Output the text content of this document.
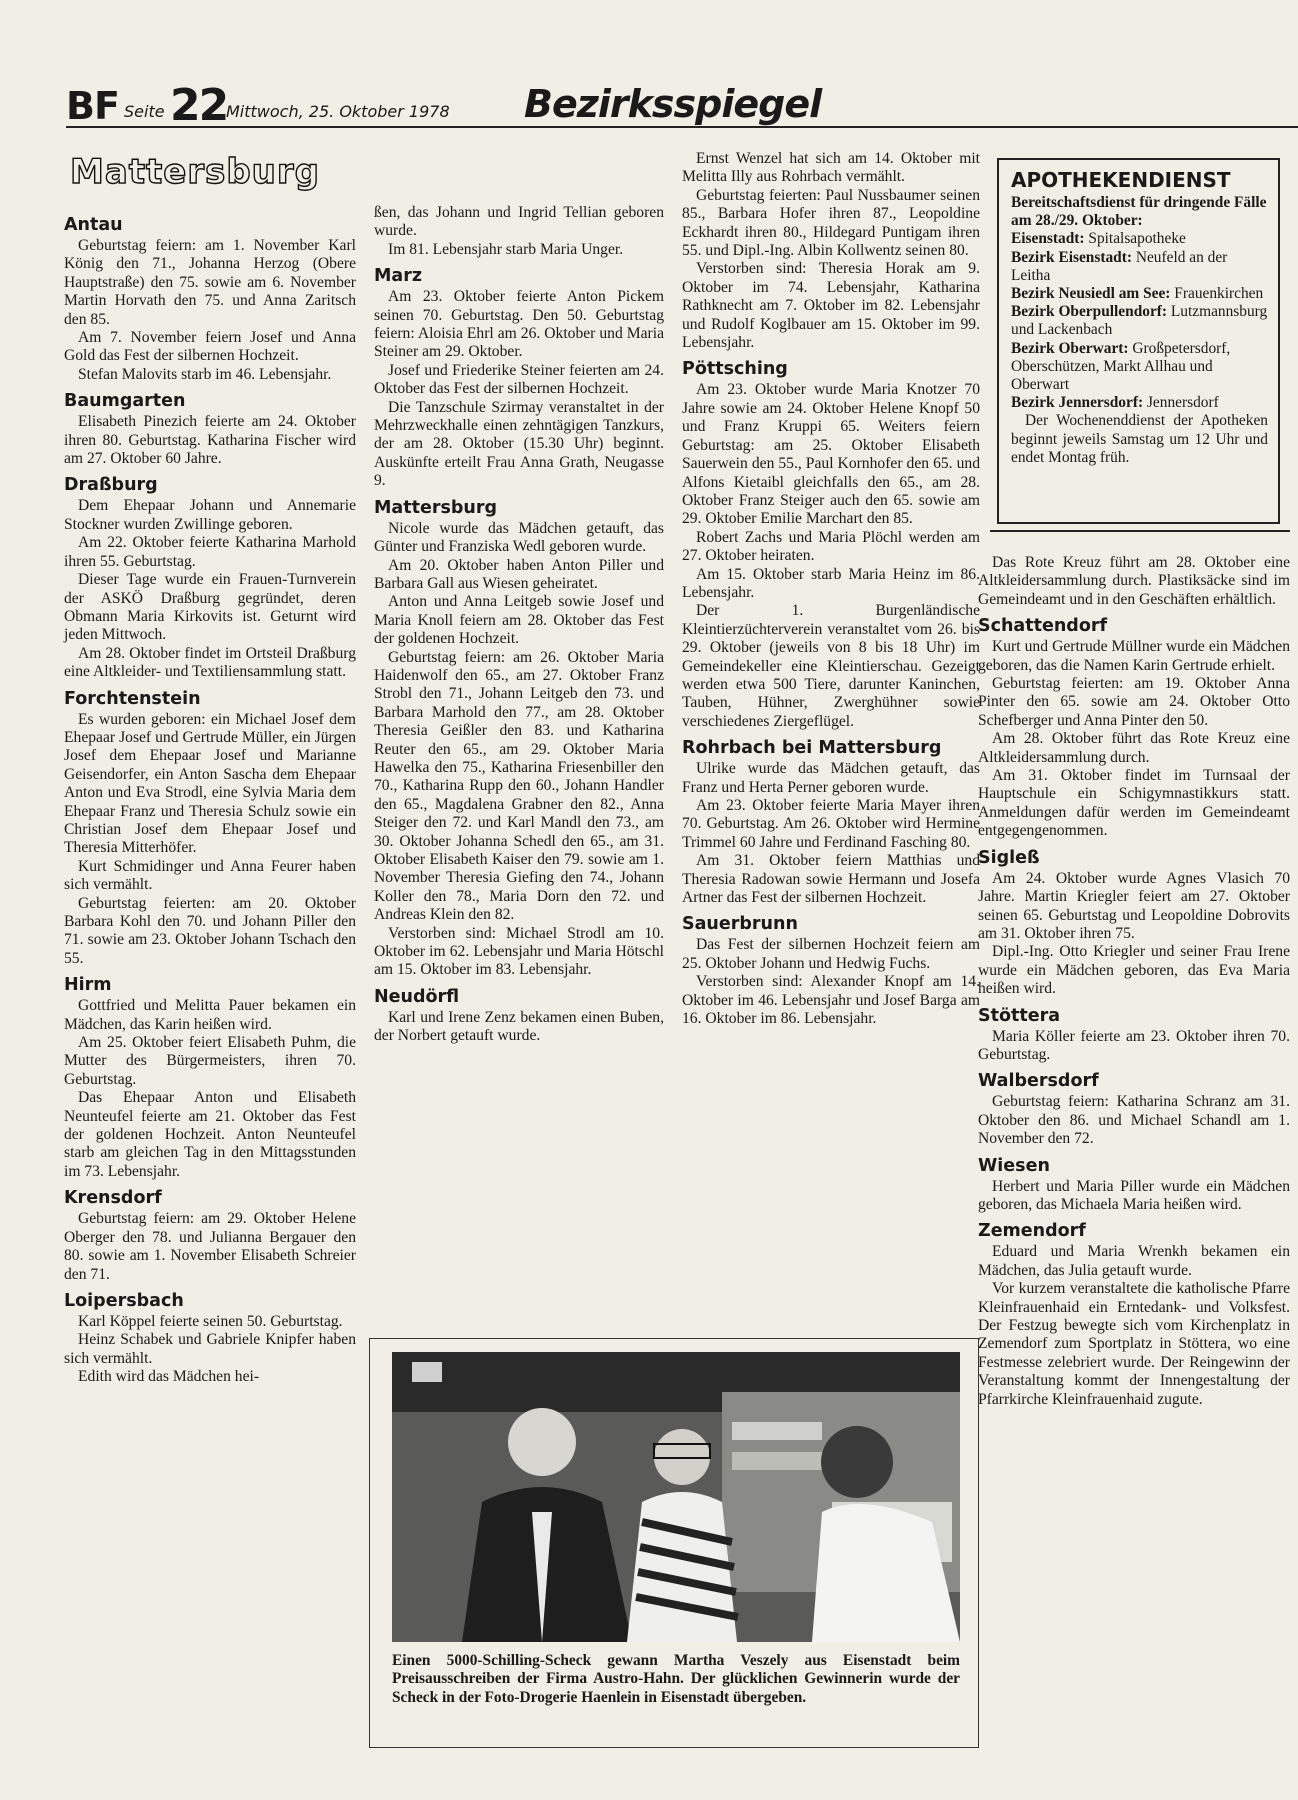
BF Seite 22
Mittwoch, 25. Oktober 1978 Bezirksspiegel
Mattersburg
Antau

Geburtstag feiern: am 1. November Karl König den 71., Johanna Herzog (Obere Hauptstraße) den 75. sowie am 6. November Martin Horvath den 75. und Anna Zaritsch den 85.

Am 7. November feiern Josef und Anna Gold das Fest der silbernen Hochzeit.

Stefan Malovits starb im 46. Lebensjahr.

Baumgarten

Elisabeth Pinezich feierte am 24. Oktober ihren 80. Geburtstag. Katharina Fischer wird am 27. Oktober 60 Jahre.

Draßburg

Dem Ehepaar Johann und Annemarie Stockner wurden Zwillinge geboren.

Am 22. Oktober feierte Katharina Marhold ihren 55. Geburtstag.

Dieser Tage wurde ein Frauen-Turnverein der ASKÖ Draßburg gegründet, deren Obmann Maria Kirkovits ist. Geturnt wird jeden Mittwoch.

Am 28. Oktober findet im Ortsteil Draßburg eine Altkleider- und Textiliensammlung statt.

Forchtenstein

Es wurden geboren: ein Michael Josef dem Ehepaar Josef und Gertrude Müller, ein Jürgen Josef dem Ehepaar Josef und Marianne Geisendorfer, ein Anton Sascha dem Ehepaar Anton und Eva Strodl, eine Sylvia Maria dem Ehepaar Franz und Theresia Schulz sowie ein Christian Josef dem Ehepaar Josef und Theresia Mitterhöfer.

Kurt Schmidinger und Anna Feurer haben sich vermählt.

Geburtstag feierten: am 20. Oktober Barbara Kohl den 70. und Johann Piller den 71. sowie am 23. Oktober Johann Tschach den 55.

Hirm

Gottfried und Melitta Pauer bekamen ein Mädchen, das Karin heißen wird.

Am 25. Oktober feiert Elisabeth Puhm, die Mutter des Bürgermeisters, ihren 70. Geburtstag.

Das Ehepaar Anton und Elisabeth Neunteufel feierte am 21. Oktober das Fest der goldenen Hochzeit. Anton Neunteufel starb am gleichen Tag in den Mittagsstunden im 73. Lebensjahr.

Krensdorf

Geburtstag feiern: am 29. Oktober Helene Oberger den 78. und Julianna Bergauer den 80. sowie am 1. November Elisabeth Schreier den 71.

Loipersbach

Karl Köppel feierte seinen 50. Geburtstag.

Heinz Schabek und Gabriele Knipfer haben sich vermählt.

Edith wird das Mädchen hei-

ßen, das Johann und Ingrid Tellian geboren wurde.

Im 81. Lebensjahr starb Maria Unger.

Marz

Am 23. Oktober feierte Anton Pickem seinen 70. Geburtstag. Den 50. Geburtstag feiern: Aloisia Ehrl am 26. Oktober und Maria Steiner am 29. Oktober.

Josef und Friederike Steiner feierten am 24. Oktober das Fest der silbernen Hochzeit.

Die Tanzschule Szirmay veranstaltet in der Mehrzweckhalle einen zehntägigen Tanzkurs, der am 28. Oktober (15.30 Uhr) beginnt. Auskünfte erteilt Frau Anna Grath, Neugasse 9.

Mattersburg

Nicole wurde das Mädchen getauft, das Günter und Franziska Wedl geboren wurde.

Am 20. Oktober haben Anton Piller und Barbara Gall aus Wiesen geheiratet.

Anton und Anna Leitgeb sowie Josef und Maria Knoll feiern am 28. Oktober das Fest der goldenen Hochzeit.

Geburtstag feiern: am 26. Oktober Maria Haidenwolf den 65., am 27. Oktober Franz Strobl den 71., Johann Leitgeb den 73. und Barbara Marhold den 77., am 28. Oktober Theresia Geißler den 83. und Katharina Reuter den 65., am 29. Oktober Maria Hawelka den 75., Katharina Friesenbiller den 70., Katharina Rupp den 60., Johann Handler den 65., Magdalena Grabner den 82., Anna Steiger den 72. und Karl Mandl den 73., am 30. Oktober Johanna Schedl den 65., am 31. Oktober Elisabeth Kaiser den 79. sowie am 1. November Theresia Giefing den 74., Johann Koller den 78., Maria Dorn den 72. und Andreas Klein den 82.

Verstorben sind: Michael Strodl am 10. Oktober im 62. Lebensjahr und Maria Hötschl am 15. Oktober im 83. Lebensjahr.

Neudörfl

Karl und Irene Zenz bekamen einen Buben, der Norbert getauft wurde.

Ernst Wenzel hat sich am 14. Oktober mit Melitta Illy aus Rohrbach vermählt.

Geburtstag feierten: Paul Nussbaumer seinen 85., Barbara Hofer ihren 87., Leopoldine Eckhardt ihren 80., Hildegard Puntigam ihren 55. und Dipl.-Ing. Albin Kollwentz seinen 80.

Verstorben sind: Theresia Horak am 9. Oktober im 74. Lebensjahr, Katharina Rathknecht am 7. Oktober im 82. Lebensjahr und Rudolf Koglbauer am 15. Oktober im 99. Lebensjahr.

Pöttsching

Am 23. Oktober wurde Maria Knotzer 70 Jahre sowie am 24. Oktober Helene Knopf 50 und Franz Kruppi 65. Weiters feiern Geburtstag: am 25. Oktober Elisabeth Sauerwein den 55., Paul Kornhofer den 65. und Alfons Kietaibl gleichfalls den 65., am 28. Oktober Franz Steiger auch den 65. sowie am 29. Oktober Emilie Marchart den 85.

Robert Zachs und Maria Plöchl werden am 27. Oktober heiraten.

Am 15. Oktober starb Maria Heinz im 86. Lebensjahr.

Der 1. Burgenländische Kleintierzüchterverein veranstaltet vom 26. bis 29. Oktober (jeweils von 8 bis 18 Uhr) im Gemeindekeller eine Kleintierschau. Gezeigt werden etwa 500 Tiere, darunter Kaninchen, Tauben, Hühner, Zwerghühner sowie verschiedenes Ziergeflügel.

Rohrbach bei Mattersburg

Ulrike wurde das Mädchen getauft, das Franz und Herta Perner geboren wurde.

Am 23. Oktober feierte Maria Mayer ihren 70. Geburtstag. Am 26. Oktober wird Hermine Trimmel 60 Jahre und Ferdinand Fasching 80.

Am 31. Oktober feiern Matthias und Theresia Radowan sowie Hermann und Josefa Artner das Fest der silbernen Hochzeit.

Sauerbrunn

Das Fest der silbernen Hochzeit feiern am 25. Oktober Johann und Hedwig Fuchs.

Verstorben sind: Alexander Knopf am 14. Oktober im 46. Lebensjahr und Josef Barga am 16. Oktober im 86. Lebensjahr.

APOTHEKENDIENST

Bereitschaftsdienst für dringende Fälle am 28./29. Oktober:

Eisenstadt: Spitalsapotheke

Bezirk Eisenstadt: Neufeld an der Leitha

Bezirk Neusiedl am See: Frauenkirchen

Bezirk Oberpullendorf: Lutzmannsburg und Lackenbach

Bezirk Oberwart: Großpetersdorf, Oberschützen, Markt Allhau und Oberwart

Bezirk Jennersdorf: Jennersdorf

Der Wochenenddienst der Apotheken beginnt jeweils Samstag um 12 Uhr und endet Montag früh.

Das Rote Kreuz führt am 28. Oktober eine Altkleidersammlung durch. Plastiksäcke sind im Gemeindeamt und in den Geschäften erhältlich.

Schattendorf

Kurt und Gertrude Müllner wurde ein Mädchen geboren, das die Namen Karin Gertrude erhielt.

Geburtstag feierten: am 19. Oktober Anna Pinter den 65. sowie am 24. Oktober Otto Schefberger und Anna Pinter den 50.

Am 28. Oktober führt das Rote Kreuz eine Altkleidersammlung durch.

Am 31. Oktober findet im Turnsaal der Hauptschule ein Schigymnastikkurs statt. Anmeldungen dafür werden im Gemeindeamt entgegengenommen.

Sigleß

Am 24. Oktober wurde Agnes Vlasich 70 Jahre. Martin Kriegler feiert am 27. Oktober seinen 65. Geburtstag und Leopoldine Dobrovits am 31. Oktober ihren 75.

Dipl.-Ing. Otto Kriegler und seiner Frau Irene wurde ein Mädchen geboren, das Eva Maria heißen wird.

Stöttera

Maria Köller feierte am 23. Oktober ihren 70. Geburtstag.

Walbersdorf

Geburtstag feiern: Katharina Schranz am 31. Oktober den 86. und Michael Schandl am 1. November den 72.

Wiesen

Herbert und Maria Piller wurde ein Mädchen geboren, das Michaela Maria heißen wird.

Zemendorf

Eduard und Maria Wrenkh bekamen ein Mädchen, das Julia getauft wurde.

Vor kurzem veranstaltete die katholische Pfarre Kleinfrauenhaid ein Erntedank- und Volksfest. Der Festzug bewegte sich vom Kirchenplatz in Zemendorf zum Sportplatz in Stöttera, wo eine Festmesse zelebriert wurde. Der Reingewinn der Veranstaltung kommt der Innengestaltung der Pfarrkirche Kleinfrauenhaid zugute.

Einen 5000-Schilling-Scheck gewann Martha Veszely aus Eisenstadt beim Preisausschreiben der Firma Austro-Hahn. Der glücklichen Gewinnerin wurde der Scheck in der Foto-Drogerie Haenlein in Eisenstadt übergeben.
